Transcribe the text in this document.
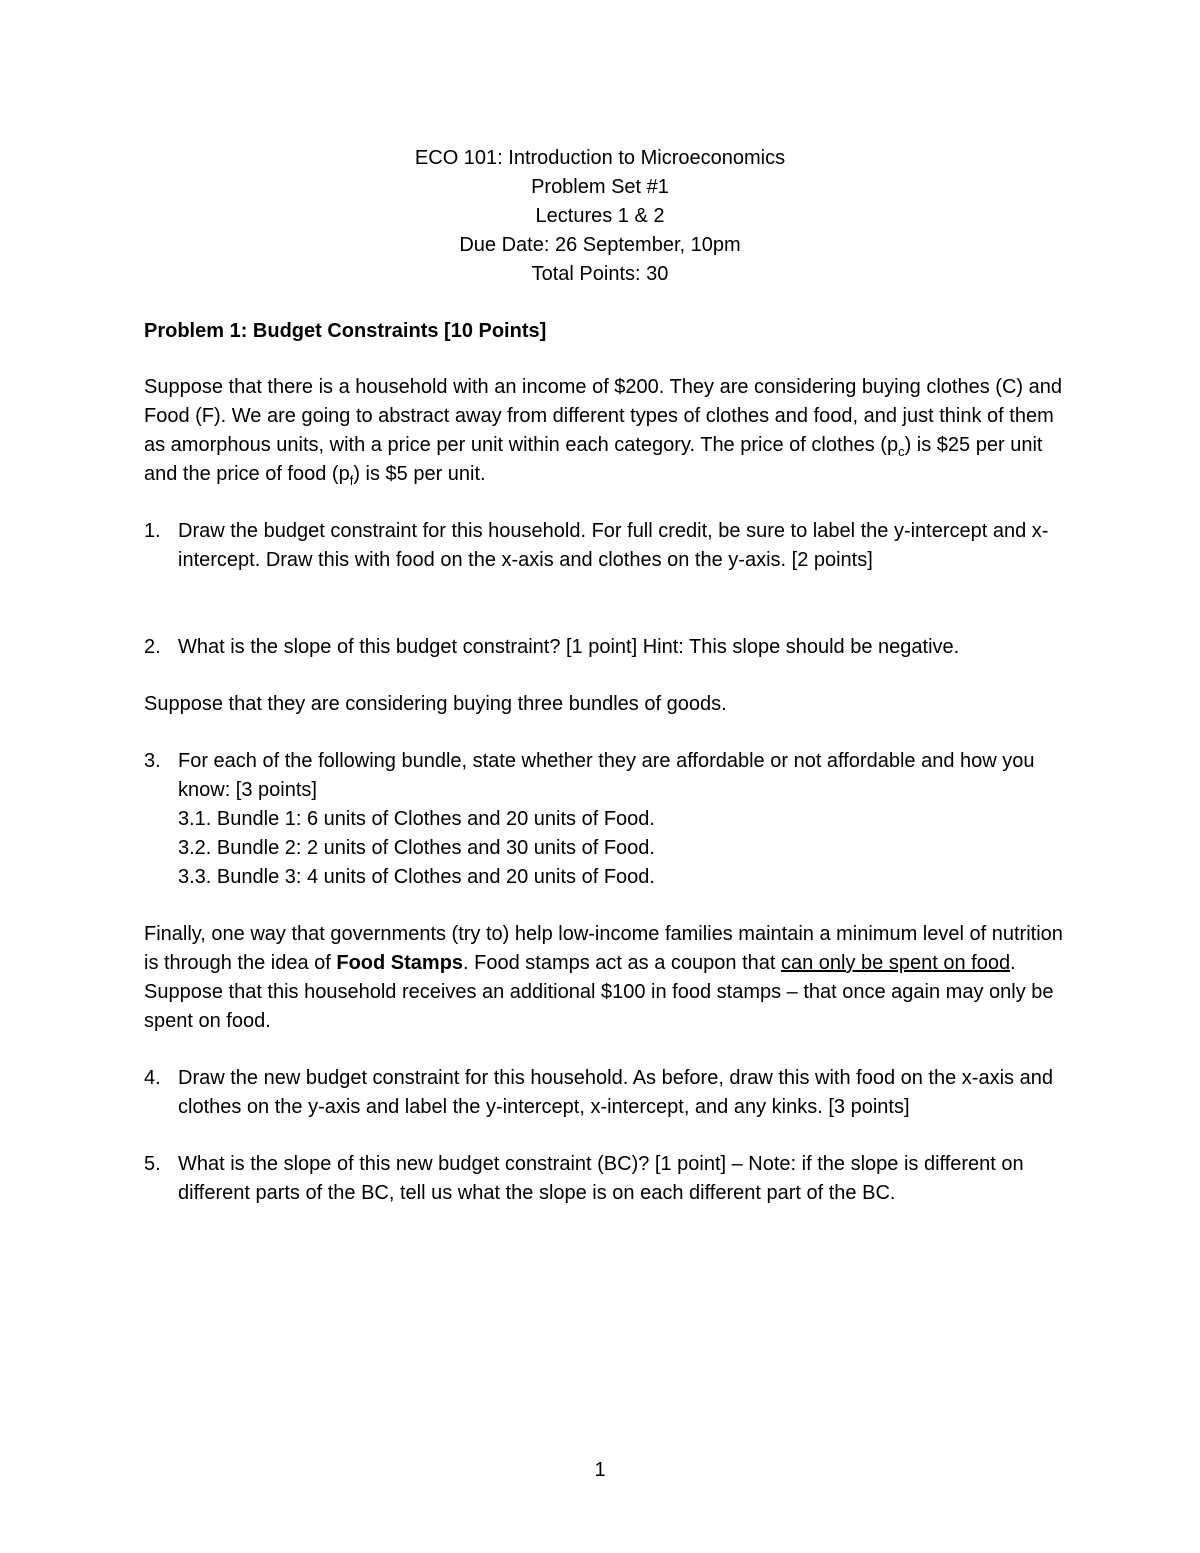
ECO 101: Introduction to Microeconomics
Problem Set #1
Lectures 1 & 2
Due Date: 26 September, 10pm
Total Points: 30
Problem 1: Budget Constraints [10 Points]
Suppose that there is a household with an income of $200. They are considering buying clothes (C) and Food (F). We are going to abstract away from different types of clothes and food, and just think of them as amorphous units, with a price per unit within each category. The price of clothes $(p_c)$ is $25 per unit and the price of food $(p_f)$ is $5 per unit.
1. Draw the budget constraint for this household. For full credit, be sure to label the y-intercept and x-intercept. Draw this with food on the x-axis and clothes on the y-axis. [2 points]
2. What is the slope of this budget constraint? [1 point] Hint: This slope should be negative.
Suppose that they are considering buying three bundles of goods.
3. For each of the following bundle, state whether they are affordable or not affordable and how you know: [3 points]
3.1. Bundle 1: 6 units of Clothes and 20 units of Food.
3.2. Bundle 2: 2 units of Clothes and 30 units of Food.
3.3. Bundle 3: 4 units of Clothes and 20 units of Food.
Finally, one way that governments (try to) help low-income families maintain a minimum level of nutrition is through the idea of Food Stamps. Food stamps act as a coupon that can only be spent on food. Suppose that this household receives an additional $100 in food stamps – that once again may only be spent on food.
4. Draw the new budget constraint for this household. As before, draw this with food on the x-axis and clothes on the y-axis and label the y-intercept, x-intercept, and any kinks. [3 points]
5. What is the slope of this new budget constraint (BC)? [1 point] – Note: if the slope is different on different parts of the BC, tell us what the slope is on each different part of the BC.
1
